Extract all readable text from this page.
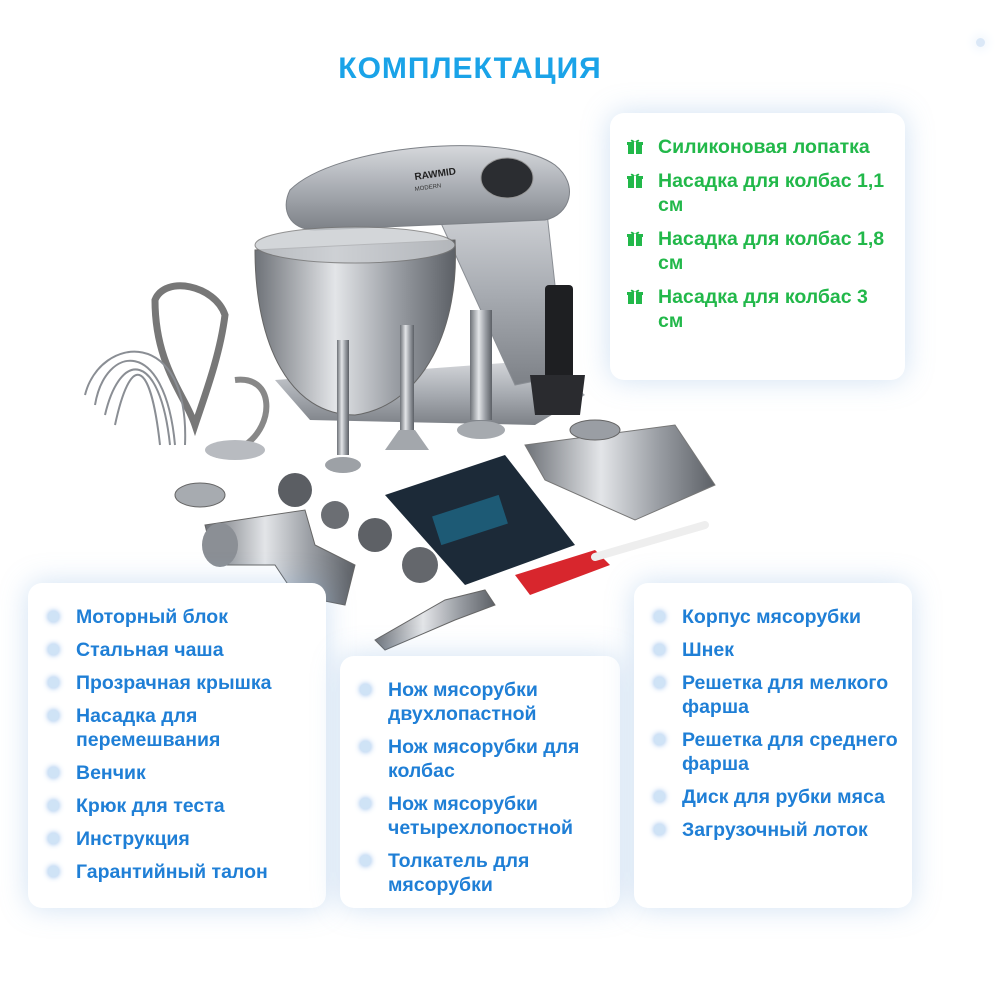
КОМПЛЕКТАЦИЯ
RAWMID
MODERN
Силиконовая лопатка
Насадка для колбас 1,1 см
Насадка для колбас 1,8 см
Насадка для колбас 3 см
Моторный блок
Стальная чаша
Прозрачная крышка
Насадка для перемешвания
Венчик
Крюк для теста
Инструкция
Гарантийный талон
Нож мясорубки двухлопастной
Нож мясорубки для колбас
Нож мясорубки четырехлопостной
Толкатель для мясорубки
Корпус мясорубки
Шнек
Решетка для мелкого фарша
Решетка для среднего фарша
Диск для рубки мяса
Загрузочный лоток
